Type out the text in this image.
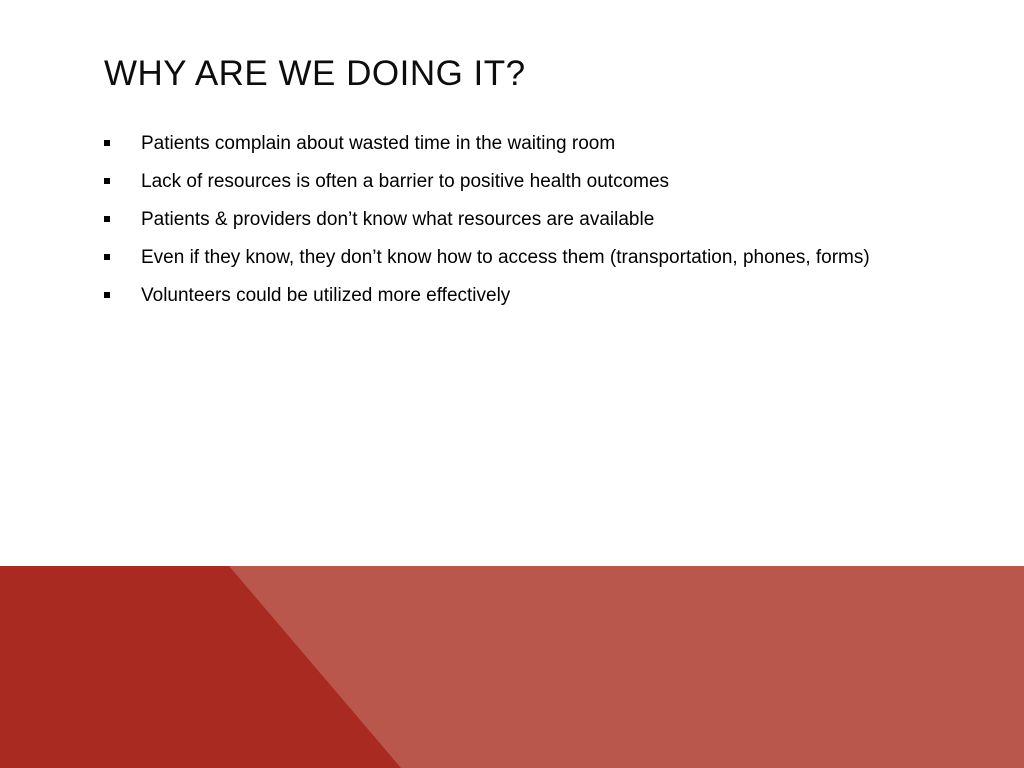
WHY ARE WE DOING IT?
Patients complain about wasted time in the waiting room
Lack of resources is often a barrier to positive health outcomes
Patients & providers don’t know what resources are available
Even if they know, they don’t know how to access them (transportation, phones, forms)
Volunteers could be utilized more effectively
